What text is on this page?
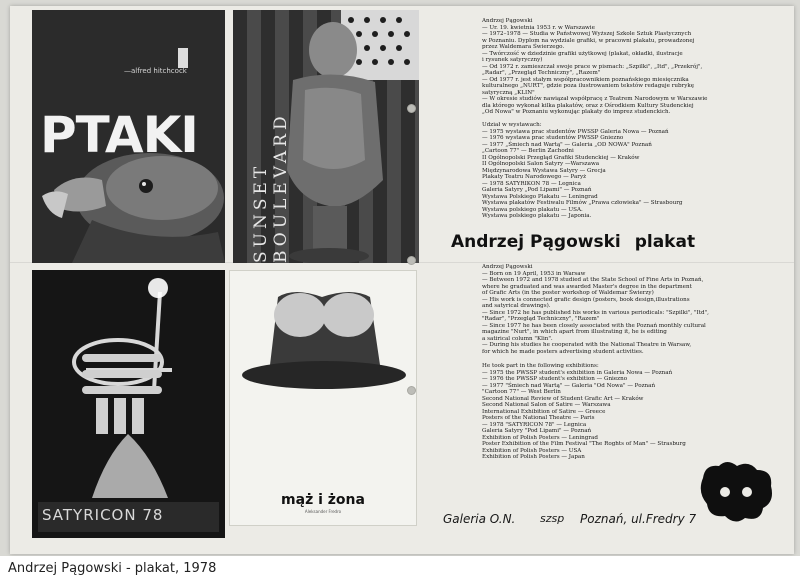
—alfred hitchcock
PTAKI
SUNSET BOULEVARD
SATYRICON 78
mąż i żona
Aleksander Fredro

Andrzej Pągowski

— Ur. 19. kwietnia 1953 r. w Warszawie

— 1972–1978 — Studia w Państwowej Wyższej Szkole Sztuk Plastycznych

w Poznaniu. Dyplom na wydziale grafiki, w pracowni plakatu, prowadzonej

przez Waldemara Świerzego.

— Twórczość w dziedzinie grafiki użytkowej (plakat, okładki, ilustracje

i rysunek satyryczny)

— Od 1972 r. zamieszczał swoje prace w pismach: „Szpilki", „Itd", „Przekrój",

„Radar", „Przegląd Techniczny", „Razem"

— Od 1977 r. jest stałym współpracownikiem poznańskiego miesięcznika

kulturalnego „NURT", gdzie poza ilustrowaniem tekstów redaguje rubrykę

satyryczną „KLIN"

— W okresie studiów nawiązał współpracę z Teatrem Narodowym w Warszawie

dla którego wykonał kilka plakatów, oraz z Ośrodkiem Kultury Studenckiej

„Od Nowa" w Poznaniu wykonując plakaty do imprez studenckich.

Udział w wystawach:

— 1975 wystawa prac studentów PWSSP Galeria Nowa — Poznań

— 1976 wystawa prac studentów PWSSP Gniezno

— 1977 „Śmiech nad Wartą" — Galeria „OD NOWA" Poznań

„Cartoon 77" — Berlin Zachodni

II Ogólnopolski Przegląd Grafiki Studenckiej — Kraków

II Ogólnopolski Salon Satyry —Warszawa

Międzynarodowa Wystawa Satyry — Grecja

Plakaty Teatru Narodowego — Paryż

— 1978 SATYRIKON 78 — Legnica

Galeria Satyry „Pod Lipami" — Poznań

Wystawa Polskiego Plakatu — Leningrad

Wystawa plakatów Festiwalu Filmów „Prawa człowieka" — Strasbourg

Wystawa polskiego plakatu — USA.

Wystawa polskiego plakatu — Japonia.

Andrzej Pągowski plakat

Andrzej Pągowski

— Born on 19 April, 1953 in Warsaw

— Between 1972 and 1978 studied at the State School of Fine Arts in Poznań,

where he graduated and was awarded Master's degree in the department

of Grafic Arts (in the poster workshop of Waldemar Świerzy)

— His work is connected grafic design (posters, book design,illustrations

and satyrical drawings).

— Since 1972 he has published his works in various periodicals: "Szpilki", "Itd",

"Radar", "Przegląd Techniczny", "Razem"

— Since 1977 he has been closely associated with the Poznań monthly cultural

magazine "Nurt", in which apart from illustrating it, he is editing

a satirical column "Klin".

— During his studies he cooperated with the National Theatre in Warsaw,

for which he made posters advertising student activities.

He took part in the following exhibitions:

— 1975 the PWSSP student's exhibition in Galeria Nowa — Poznań

— 1976 the PWSSP student's exhibition — Gniezno

— 1977 "Śmiech nad Wartą" — Galeria "Od Nowa" — Poznań

"Cartoon 77" — West Berlin

Second National Review of Student Grafic Art — Kraków

Second National Salon of Satire — Warszawa

International Exhibition of Satire — Greece

Posters of the National Theatre — Paris

— 1978 "SATYRICON 78" — Legnica

Galeria Satyry "Pod Lipami" — Poznań

Exhibition of Polish Posters — Leningrad

Poster Exhibition of the Film Festival "The Roghts of Man" — Strasburg

Exhibition of Polish Posters — USA

Exhibition of Polish Posters — Japan

Galeria O.N. szsp Poznań, ul.Fredry 7
Andrzej Pągowski - plakat, 1978
